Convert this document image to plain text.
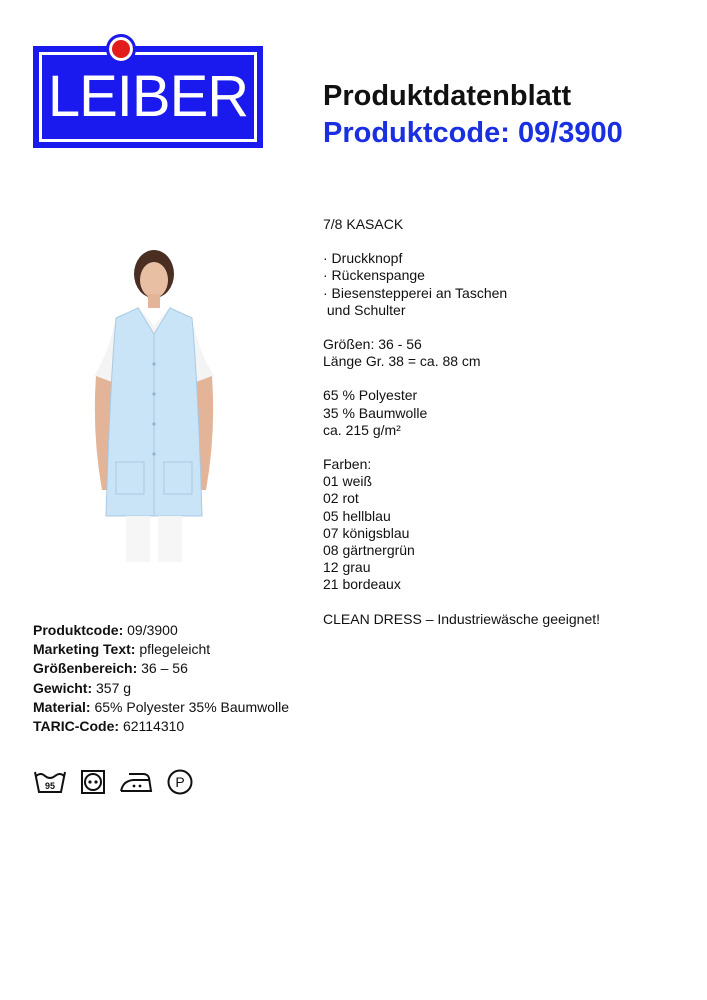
LEIBER	Produktdatenblatt
Produktcode: 09/3900

7/8 KASACK

· Druckknopf

· Rückenspange

· Biesenstepperei an Taschen

und Schulter

Größen: 36 - 56

Länge Gr. 38 = ca. 88 cm

65 % Polyester

35 % Baumwolle

ca. 215 g/m²

Farben:

01 weiß

02 rot

05 hellblau

07 königsblau

08 gärtnergrün

12 grau

21 bordeaux

CLEAN DRESS – Industriewäsche geeignet!

Produktcode: 09/3900
Marketing Text: pflegeleicht
Größenbereich: 36 – 56
Gewicht: 357 g
Material: 65% Polyester 35% Baumwolle
TARIC-Code: 62114310
95	P
